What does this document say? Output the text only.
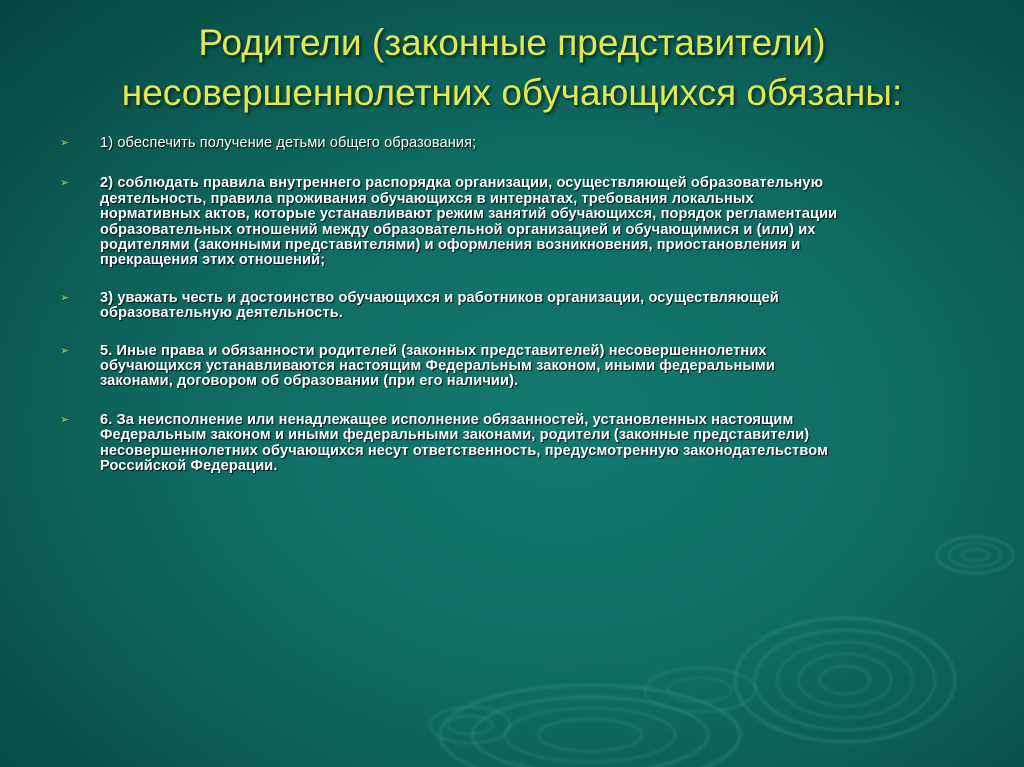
Родители (законные представители)
несовершеннолетних обучающихся обязаны:
➢ 1) обеспечить получение детьми общего образования;
➢ 2) соблюдать правила внутреннего распорядка организации, осуществляющей образовательную
деятельность, правила проживания обучающихся в интернатах, требования локальных
нормативных актов, которые устанавливают режим занятий обучающихся, порядок регламентации
образовательных отношений между образовательной организацией и обучающимися и (или) их
родителями (законными представителями) и оформления возникновения, приостановления и
прекращения этих отношений;
➢ 3) уважать честь и достоинство обучающихся и работников организации, осуществляющей
образовательную деятельность.
➢ 5. Иные права и обязанности родителей (законных представителей) несовершеннолетних
обучающихся устанавливаются настоящим Федеральным законом, иными федеральными
законами, договором об образовании (при его наличии).
➢ 6. За неисполнение или ненадлежащее исполнение обязанностей, установленных настоящим
Федеральным законом и иными федеральными законами, родители (законные представители)
несовершеннолетних обучающихся несут ответственность, предусмотренную законодательством
Российской Федерации.
